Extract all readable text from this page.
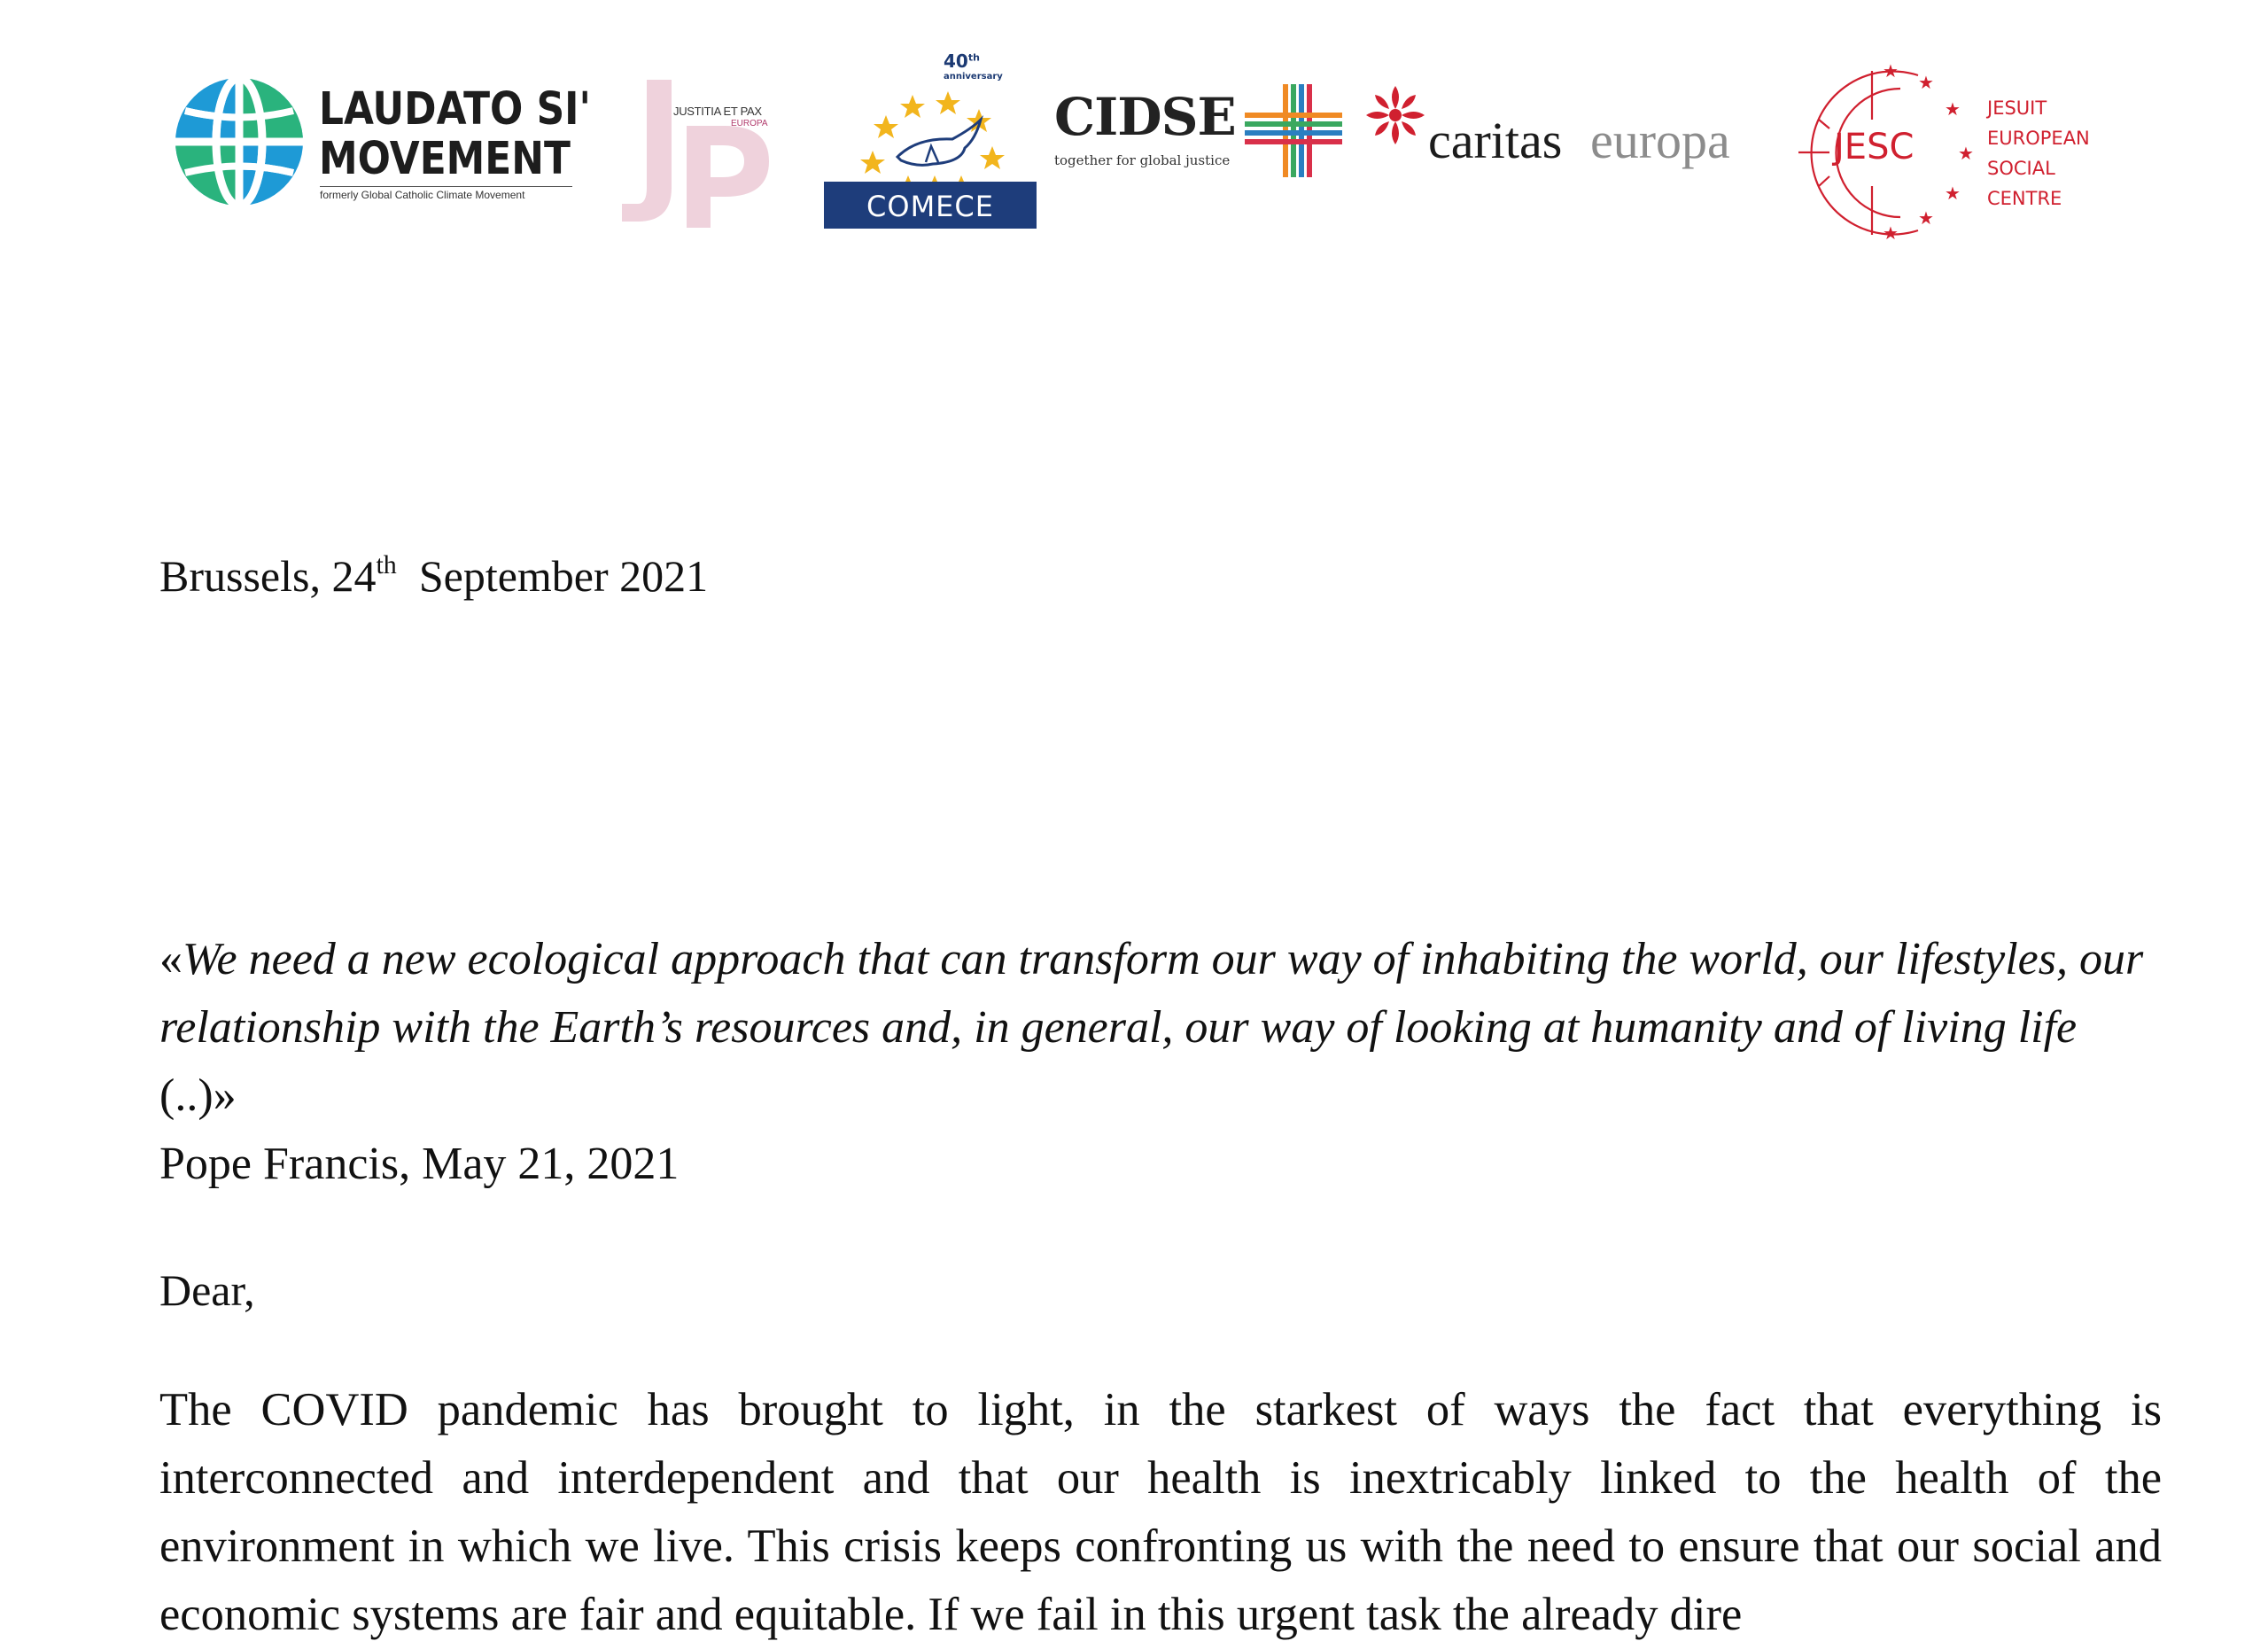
LAUDATO SI'
MOVEMENT
formerly Global Catholic Climate Movement
JUSTITIA ET PAX
EUROPA
40th
anniversary
COMECE
CIDSE
together for global justice	caritas europa
★
★
★
★
★
★
★
JESC
JESUIT
EUROPEAN
SOCIAL
CENTRE
Brussels, 24th  September 2021
«We need a new ecological approach that can transform our way of inhabiting the world, our lifestyles, our relationship with the Earth’s resources and, in general, our way of looking at humanity and of living life (..)»
Pope Francis, May 21, 2021
Dear,
The COVID pandemic has brought to light, in the starkest of ways the fact that everything is interconnected and interdependent and that our health is inextricably linked to the health of the environment in which we live. This crisis keeps confronting us with the need to ensure that our social and economic systems are fair and equitable. If we fail in this urgent task the already dire
